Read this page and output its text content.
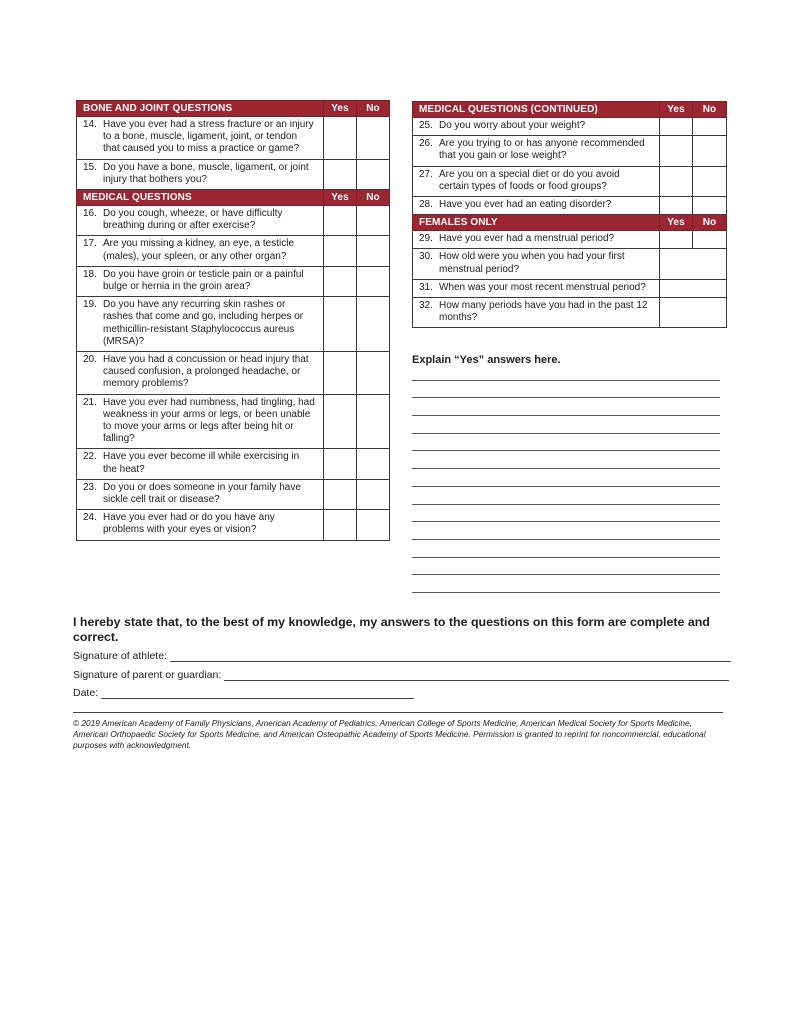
BONE AND JOINT QUESTIONS	Yes	No
14. Have you ever had a stress fracture or an injury to a bone, muscle, ligament, joint, or tendon that caused you to miss a practice or game?		
15. Do you have a bone, muscle, ligament, or joint injury that bothers you?		
MEDICAL QUESTIONS	Yes	No
16. Do you cough, wheeze, or have difficulty breathing during or after exercise?		
17. Are you missing a kidney, an eye, a testicle (males), your spleen, or any other organ?		
18. Do you have groin or testicle pain or a painful bulge or hernia in the groin area?		
19. Do you have any recurring skin rashes or rashes that come and go, including herpes or methicillin-resistant Staphylococcus aureus (MRSA)?		
20. Have you had a concussion or head injury that caused confusion, a prolonged headache, or memory problems?		
21. Have you ever had numbness, had tingling, had weakness in your arms or legs, or been unable to move your arms or legs after being hit or falling?		
22. Have you ever become ill while exercising in the heat?		
23. Do you or does someone in your family have sickle cell trait or disease?		
24. Have you ever had or do you have any problems with your eyes or vision?		
MEDICAL QUESTIONS (CONTINUED)	Yes	No
25. Do you worry about your weight?		
26. Are you trying to or has anyone recommended that you gain or lose weight?		
27. Are you on a special diet or do you avoid certain types of foods or food groups?		
28. Have you ever had an eating disorder?		
FEMALES ONLY	Yes	No
29. Have you ever had a menstrual period?		
30. How old were you when you had your first menstrual period?		
31. When was your most recent menstrual period?		
32. How many periods have you had in the past 12 months?		
Explain “Yes” answers here.
I hereby state that, to the best of my knowledge, my answers to the questions on this form are complete and correct.
Signature of athlete:
Signature of parent or guardian:
Date:
© 2019 American Academy of Family Physicians, American Academy of Pediatrics, American College of Sports Medicine, American Medical Society for Sports Medicine, American Orthopaedic Society for Sports Medicine, and American Osteopathic Academy of Sports Medicine. Permission is granted to reprint for noncommercial, educational purposes with acknowledgment.
